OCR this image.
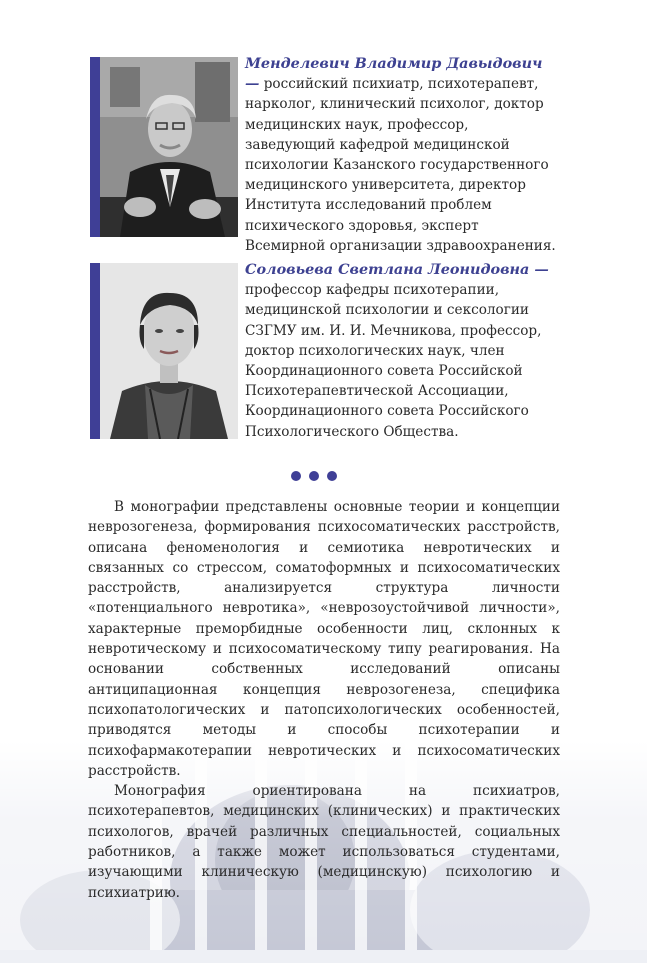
Менделевич Владимир Давыдович — российский психиатр, психотерапевт, нарколог, клинический психолог, доктор медицинских наук, профессор, заведующий кафедрой медицинской психологии Казанского государственного медицинского университета, директор Института исследований проблем психического здоровья, эксперт Всемирной организации здравоохранения.
Соловьева Светлана Леонидовна — профессор кафедры психотерапии, медицинской психологии и сексологии СЗГМУ им. И. И. Мечникова, профессор, доктор психологических наук, член Координационного совета Российской Психотерапевтической Ассоциации, Координационного совета Российского Психологического Общества.

В монографии представлены основные теории и концепции неврозогенеза, формирования психосоматических расстройств, описана феноменология и семиотика невротических и связанных со стрессом, соматоформных и психосоматических расстройств, анализируется структура личности «потенциального невротика», «неврозоустойчивой личности», характерные преморбидные особенности лиц, склонных к невротическому и психосоматическому типу реагирования. На основании собственных исследований описаны антиципационная концепция неврозогенеза, специфика психопатологических и патопсихологических особенностей, приводятся методы и способы психотерапии и психофармакотерапии невротических и психосоматических расстройств.

Монография ориентирована на психиатров, психотерапевтов, медицинских (клинических) и практических психологов, врачей различных специальностей, социальных работников, а также может использоваться студентами, изучающими клиническую (медицинскую) психологию и психиатрию.
